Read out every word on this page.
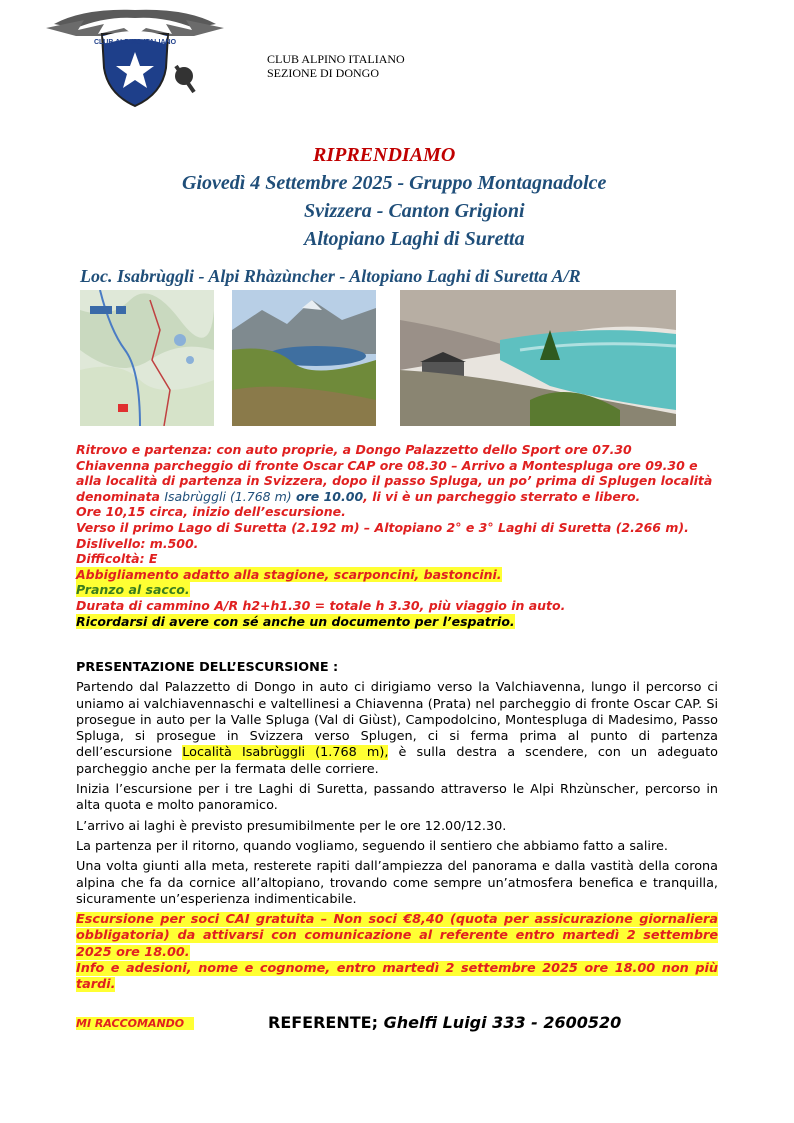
CLUB ALPINO ITALIANO
CLUB ALPINO ITALIANO
SEZIONE DI DONGO
RIPRENDIAMO
Giovedì 4 Settembre 2025 - Gruppo Montagnadolce
Svizzera - Canton Grigioni
Altopiano Laghi di Suretta
Loc. Isabrùggli - Alpi Rhàzùncher - Altopiano Laghi di Suretta A/R
Ritrovo e partenza: con auto proprie, a Dongo Palazzetto dello Sport ore 07.30
Chiavenna parcheggio di fronte Oscar CAP ore 08.30 – Arrivo a Montespluga ore 09.30 e
alla località di partenza in Svizzera, dopo il passo Spluga, un po’ prima di Splugen località
denominata Isabrùggli (1.768 m) ore 10.00, li vi è un parcheggio sterrato e libero.
Ore 10,15 circa, inizio dell’escursione.
Verso il primo Lago di Suretta (2.192 m) – Altopiano 2° e 3° Laghi di Suretta (2.266 m).
Dislivello: m.500.
Difficoltà: E
Abbigliamento adatto alla stagione, scarponcini, bastoncini.
Pranzo al sacco.
Durata di cammino A/R h2+h1.30 = totale h 3.30, più viaggio in auto.
Ricordarsi di avere con sé anche un documento per l’espatrio.
PRESENTAZIONE DELL’ESCURSIONE :

Partendo dal Palazzetto di Dongo in auto ci dirigiamo verso la Valchiavenna, lungo il percorso ci uniamo ai valchiavennaschi e valtellinesi a Chiavenna (Prata) nel parcheggio di fronte Oscar CAP. Si prosegue in auto per la Valle Spluga (Val di Giùst), Campodolcino, Montespluga di Madesimo, Passo Spluga, si prosegue in Svizzera verso Splugen, ci si ferma prima al punto di partenza dell’escursione Località Isabrùggli (1.768 m), è sulla destra a scendere, con un adeguato parcheggio anche per la fermata delle corriere.

Inizia l’escursione per i tre Laghi di Suretta, passando attraverso le Alpi Rhzùnscher, percorso in alta quota e molto panoramico.

L’arrivo ai laghi è previsto presumibilmente per le ore 12.00/12.30.

La partenza per il ritorno, quando vogliamo, seguendo il sentiero che abbiamo fatto a salire.

Una volta giunti alla meta, resterete rapiti dall’ampiezza del panorama e dalla vastità della corona alpina che fa da cornice all’altopiano, trovando come sempre un’atmosfera benefica e tranquilla, sicuramente un’esperienza indimenticabile.

Escursione per soci CAI gratuita – Non soci €8,40 (quota per assicurazione giornaliera obbligatoria) da attivarsi con comunicazione al referente entro martedì 2 settembre 2025 ore 18.00.

Info e adesioni, nome e cognome, entro martedì 2 settembre 2025 ore 18.00 non più tardi.

MI RACCOMANDO	REFERENTE; Ghelfi Luigi 333 - 2600520
